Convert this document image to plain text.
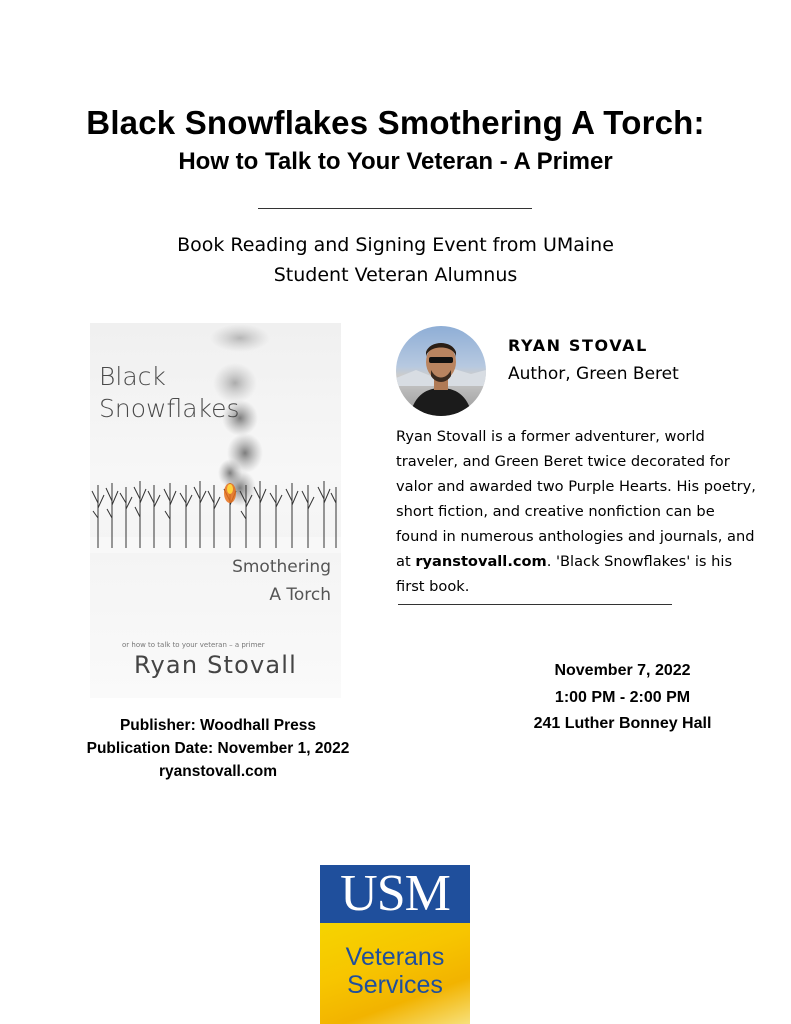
Black Snowflakes Smothering A Torch:
How to Talk to Your Veteran - A Primer
Book Reading and Signing Event from UMaine
Student Veteran Alumnus
Black
Snowflakes
Smothering
A Torch
or how to talk to your veteran – a primer
Ryan Stovall
Publisher: Woodhall Press
Publication Date: November 1, 2022
ryanstovall.com
RYAN STOVAL
Author, Green Beret
Ryan Stovall is a former adventurer, world traveler, and Green Beret twice decorated for valor and awarded two Purple Hearts. His poetry, short fiction, and creative nonfiction can be found in numerous anthologies and journals, and at ryanstovall.com. 'Black Snowflakes' is his first book.
November 7, 2022
1:00 PM - 2:00 PM
241 Luther Bonney Hall
USM
Veterans
Services
